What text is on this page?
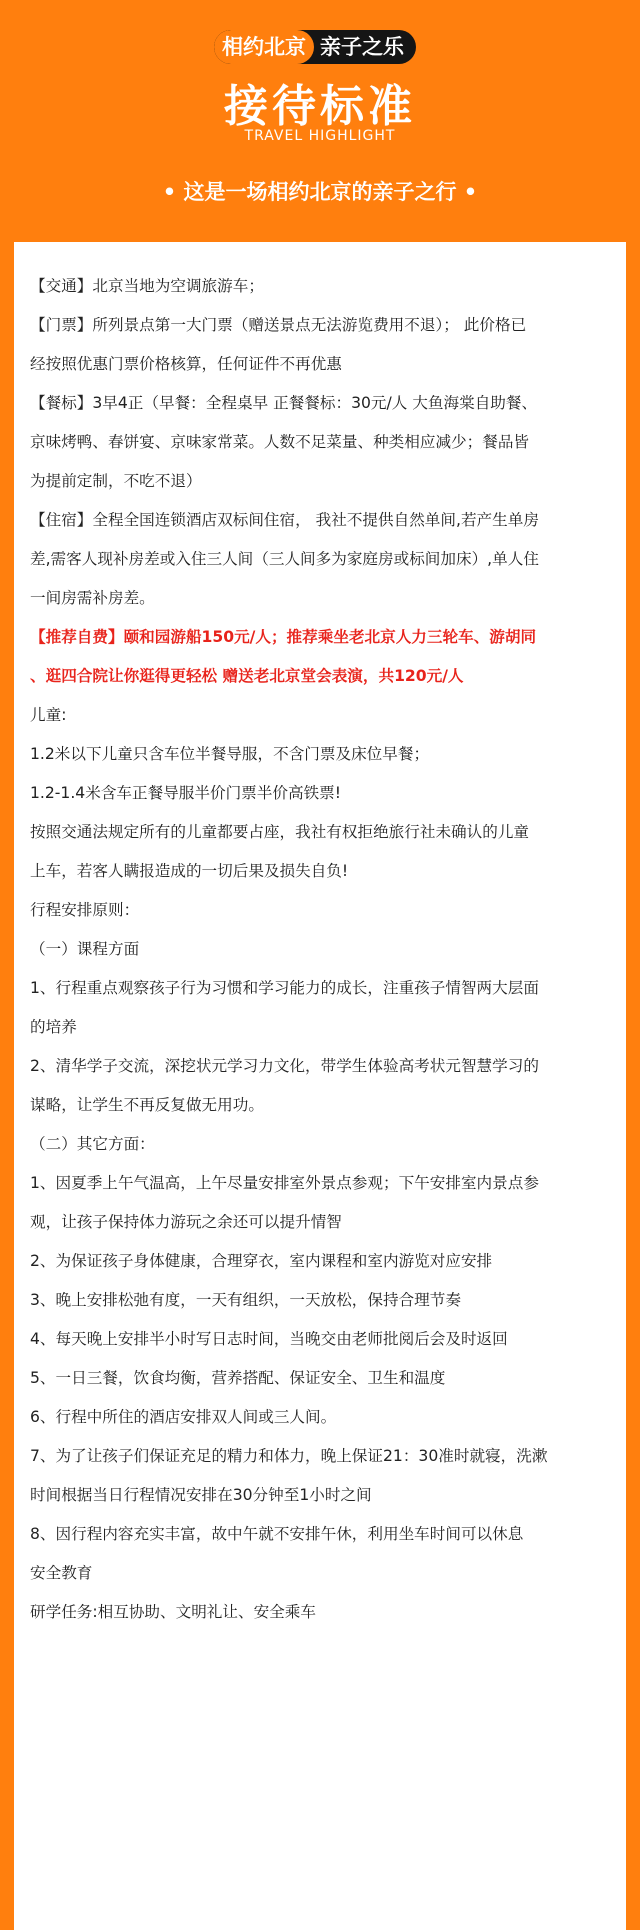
相约北京 亲子之乐
接待标准
TRAVEL HIGHLIGHT
• 这是一场相约北京的亲子之行 •
【交通】北京当地为空调旅游车；
【门票】所列景点第一大门票（赠送景点无法游览费用不退）； 此价格已
经按照优惠门票价格核算，任何证件不再优惠
【餐标】3早4正（早餐：全程桌早 正餐餐标：30元/人 大鱼海棠自助餐、
京味烤鸭、春饼宴、京味家常菜。人数不足菜量、种类相应减少；餐品皆
为提前定制，不吃不退）
【住宿】全程全国连锁酒店双标间住宿， 我社不提供自然单间,若产生单房
差,需客人现补房差或入住三人间（三人间多为家庭房或标间加床）,单人住
一间房需补房差。
【推荐自费】颐和园游船150元/人；推荐乘坐老北京人力三轮车、游胡同
、逛四合院让你逛得更轻松 赠送老北京堂会表演，共120元/人
儿童:
1.2米以下儿童只含车位半餐导服，不含门票及床位早餐；
1.2-1.4米含车正餐导服半价门票半价高铁票!
按照交通法规定所有的儿童都要占座，我社有权拒绝旅行社未确认的儿童
上车，若客人瞒报造成的一切后果及损失自负!
行程安排原则：
（一）课程方面
1、行程重点观察孩子行为习惯和学习能力的成长，注重孩子情智两大层面
的培养
2、清华学子交流，深挖状元学习力文化，带学生体验高考状元智慧学习的
谋略，让学生不再反复做无用功。
（二）其它方面：
1、因夏季上午气温高，上午尽量安排室外景点参观；下午安排室内景点参
观，让孩子保持体力游玩之余还可以提升情智
2、为保证孩子身体健康，合理穿衣，室内课程和室内游览对应安排
3、晚上安排松弛有度，一天有组织，一天放松，保持合理节奏
4、每天晚上安排半小时写日志时间，当晚交由老师批阅后会及时返回
5、一日三餐，饮食均衡，营养搭配、保证安全、卫生和温度
6、行程中所住的酒店安排双人间或三人间。
7、为了让孩子们保证充足的精力和体力，晚上保证21：30准时就寝，洗漱
时间根据当日行程情况安排在30分钟至1小时之间
8、因行程内容充实丰富，故中午就不安排午休，利用坐车时间可以休息
安全教育
研学任务:相互协助、文明礼让、安全乘车
